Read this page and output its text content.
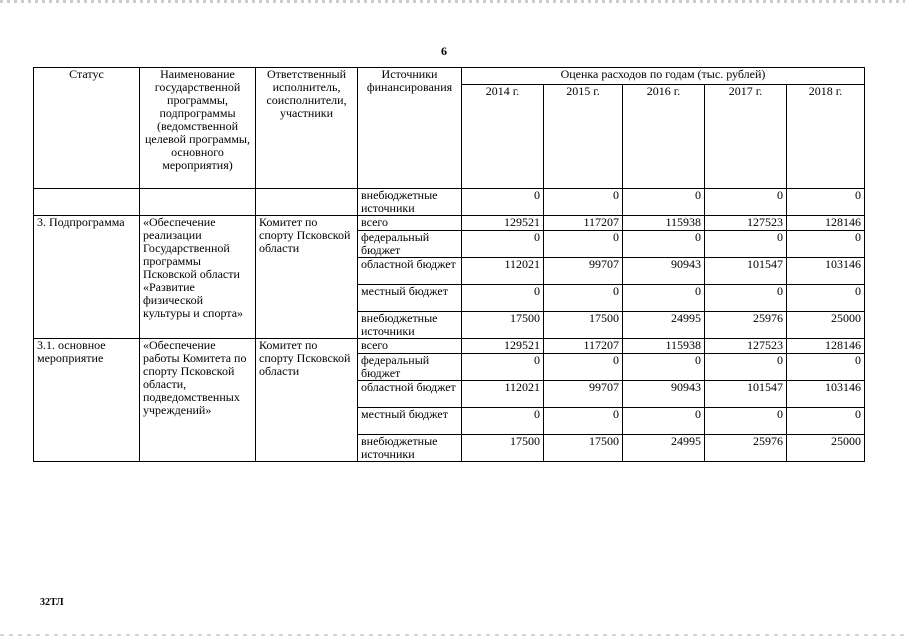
6
Статус	Наименование государственной программы, подпрограммы (ведомственной целевой программы, основного мероприятия)	Ответственный исполнитель, соисполнители, участники	Источники финансирования	Оценка расходов по годам (тыс. рублей)				
				2014 г.	2015 г.	2016 г.	2017 г.	2018 г.
			внебюджетные источники	0	0	0	0	0
3. Подпрограмма	«Обеспечение реализации Государственной программы Псковской области «Развитие физической культуры и спорта»	Комитет по спорту Псковской области	всего	129521	117207	115938	127523	128146
			федеральный бюджет	0	0	0	0	0
			областной бюджет	112021	99707	90943	101547	103146
			местный бюджет	0	0	0	0	0
			внебюджетные источники	17500	17500	24995	25976	25000
3.1. основное мероприятие	«Обеспечение работы Комитета по спорту Псковской области, подведомственных учреждений»	Комитет по спорту Псковской области	всего	129521	117207	115938	127523	128146
			федеральный бюджет	0	0	0	0	0
			областной бюджет	112021	99707	90943	101547	103146
			местный бюджет	0	0	0	0	0
			внебюджетные источники	17500	17500	24995	25976	25000
32ТЛ
